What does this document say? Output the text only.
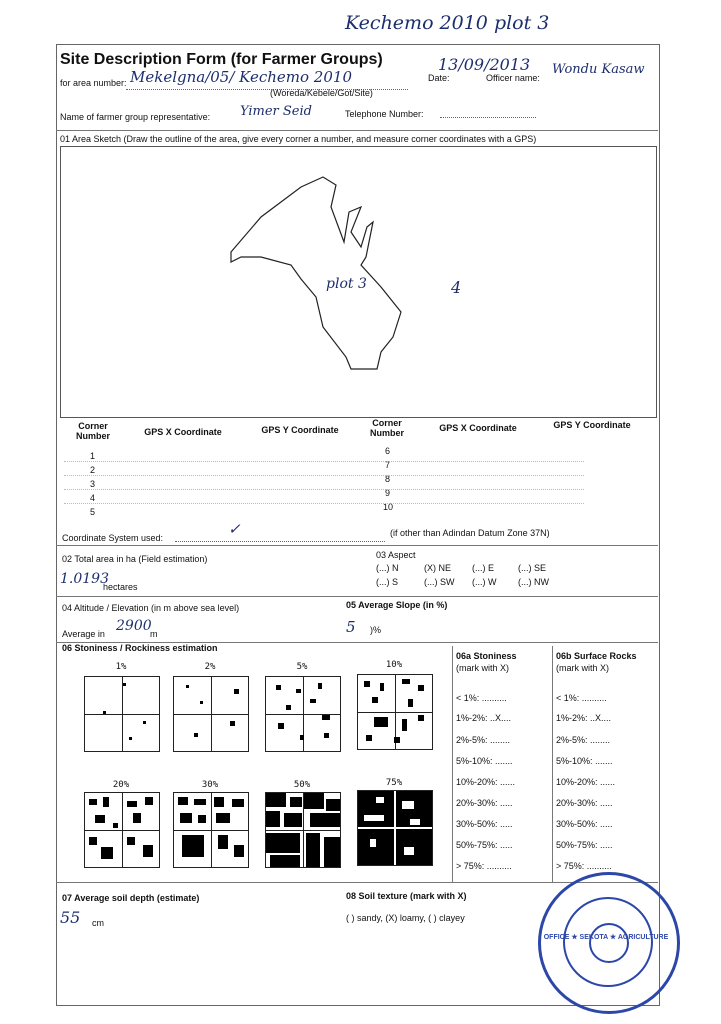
Kechemo 2010 plot 3
Site Description Form (for Farmer Groups)
for area number: Mekelgna/05/ Kechemo 2010
(Woreda/Kebele/Got/Site)
Date:
13/09/2013
Officer name:
Wondu Kasaw
Name of farmer group representative: Yimer Seid	Telephone Number:
01 Area Sketch (Draw the outline of the area, give every corner a number, and measure corner coordinates with a GPS)
plot 3	4
Corner Number	GPS X Coordinate	GPS Y Coordinate
Corner Number	GPS X Coordinate	GPS Y Coordinate
1
2
3
4
5
6
7
8
9
10
Coordinate System used:	✓	(if other than Adindan Datum Zone 37N)
02 Total area in ha (Field estimation)
1.0193
hectares
03 Aspect
(...) N	(X) NE (...) E	(...) SE
(...) S	(...) SW (...) W (...) NW
04 Altitude / Elevation (in m above sea level)
Average in 2900
m
05 Average Slope (in %)
5 )%
06 Stoniness / Rockiness estimation
1%	2%	5%	10%
20%	30%	50%	75%
06a Stoniness
(mark with X)
06b Surface Rocks
(mark with X)
< 1%: ..........
1%-2%: ..X....
2%-5%: ........
5%-10%: .......
10%-20%: ......
20%-30%: .....
30%-50%: .....
50%-75%: .....
> 75%: ..........
< 1%: ..........
1%-2%: ..X....
2%-5%: ........
5%-10%: .......
10%-20%: ......
20%-30%: .....
30%-50%: .....
50%-75%: .....
> 75%: ..........
07 Average soil depth (estimate)
55 cm
08 Soil texture (mark with X)
( ) sandy, (X) loamy, ( ) clayey
OFFICE ★ SEKOTA ★ AGRICULTURE
